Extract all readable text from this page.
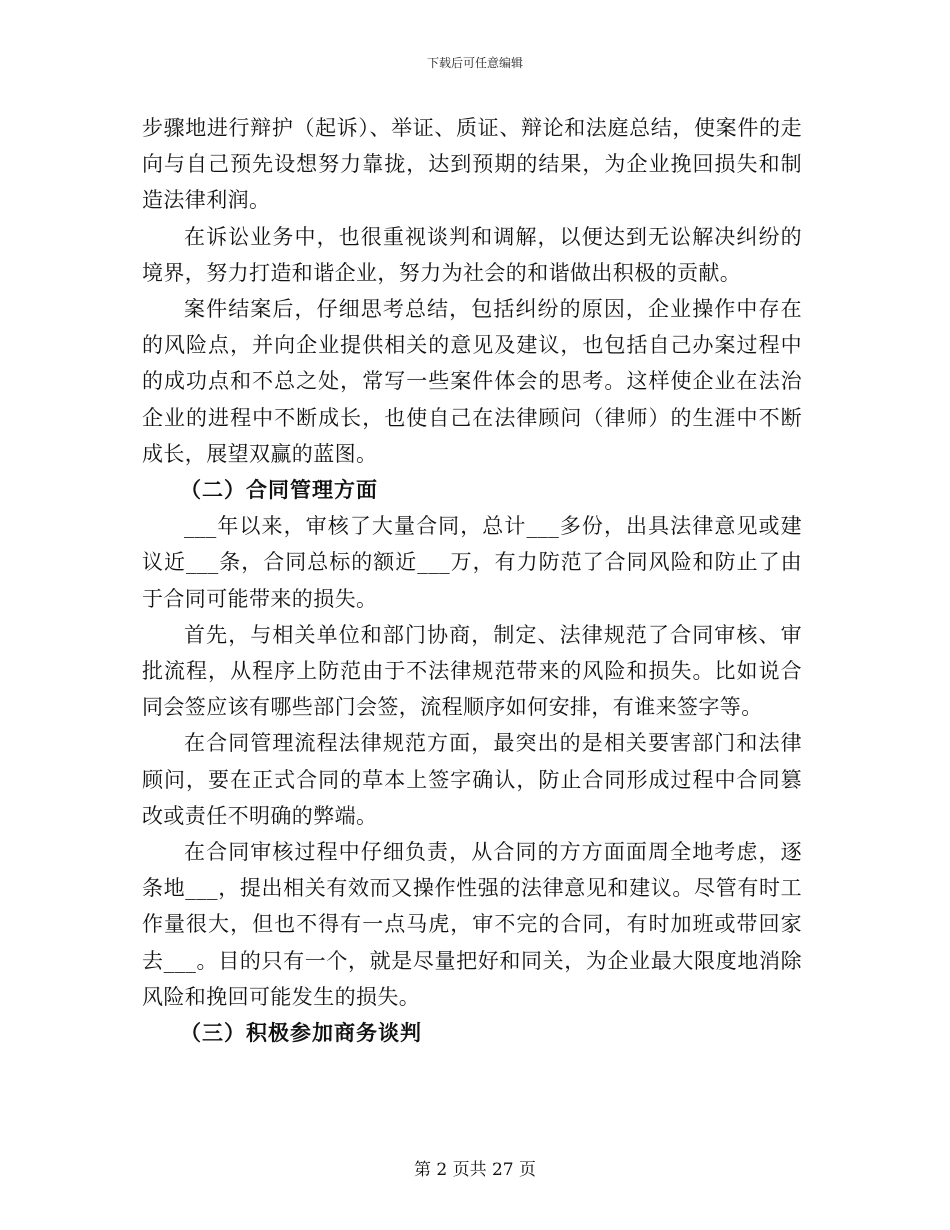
下载后可任意编辑

步骤地进行辩护（起诉）、举证、质证、辩论和法庭总结，使案件的走向与自己预先设想努力靠拢，达到预期的结果，为企业挽回损失和制造法律利润。

在诉讼业务中，也很重视谈判和调解，以便达到无讼解决纠纷的境界，努力打造和谐企业，努力为社会的和谐做出积极的贡献。

案件结案后，仔细思考总结，包括纠纷的原因，企业操作中存在的风险点，并向企业提供相关的意见及建议，也包括自己办案过程中的成功点和不总之处，常写一些案件体会的思考。这样使企业在法治企业的进程中不断成长，也使自己在法律顾问（律师）的生涯中不断成长，展望双赢的蓝图。

（二）合同管理方面

___年以来，审核了大量合同，总计___多份，出具法律意见或建议近___条，合同总标的额近___万，有力防范了合同风险和防止了由于合同可能带来的损失。

首先，与相关单位和部门协商，制定、法律规范了合同审核、审批流程，从程序上防范由于不法律规范带来的风险和损失。比如说合同会签应该有哪些部门会签，流程顺序如何安排，有谁来签字等。

在合同管理流程法律规范方面，最突出的是相关要害部门和法律顾问，要在正式合同的草本上签字确认，防止合同形成过程中合同篡改或责任不明确的弊端。

在合同审核过程中仔细负责，从合同的方方面面周全地考虑，逐条地___，提出相关有效而又操作性强的法律意见和建议。尽管有时工作量很大，但也不得有一点马虎，审不完的合同，有时加班或带回家去___。目的只有一个，就是尽量把好和同关，为企业最大限度地消除风险和挽回可能发生的损失。

（三）积极参加商务谈判

第 2 页共 27 页
